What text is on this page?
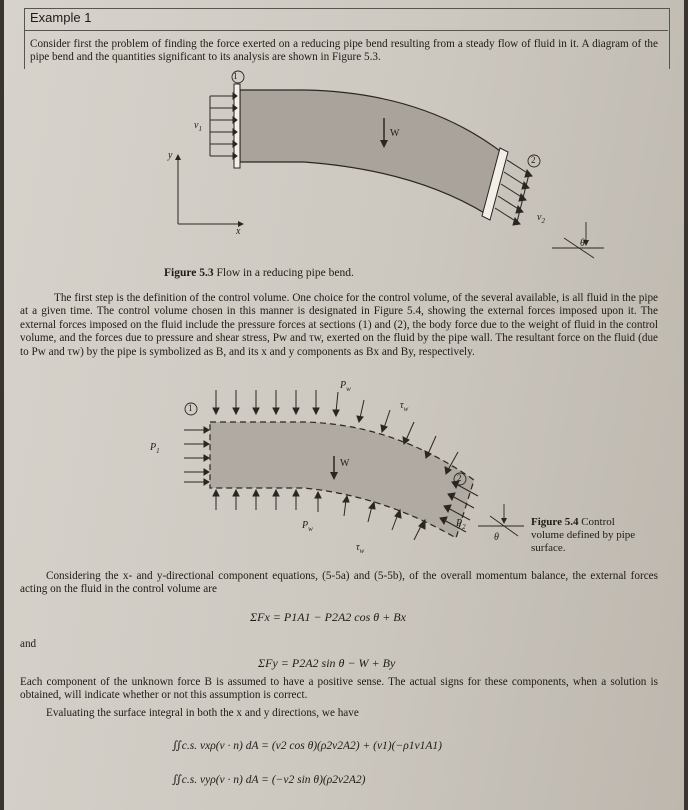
Example 1
Consider first the problem of finding the force exerted on a reducing pipe bend resulting from a steady flow of fluid in it. A diagram of the pipe bend and the quantities significant to its analysis are shown in Figure 5.3.
1
2
$v_1$
$v_2$
W
y
x
θ
Figure 5.3 Flow in a reducing pipe bend.
The first step is the definition of the control volume. One choice for the control volume, of the several available, is all fluid in the pipe at a given time. The control volume chosen in this manner is designated in Figure 5.4, showing the external forces imposed upon it. The external forces imposed on the fluid include the pressure forces at sections (1) and (2), the body force due to the weight of fluid in the control volume, and the forces due to pressure and shear stress, Pw and τw, exerted on the fluid by the pipe wall. The resultant force on the fluid (due to Pw and τw) by the pipe is symbolized as B, and its x and y components as Bx and By, respectively.
1
2
$P_1$
$P_2$
$P_w$
$P_w$
$\tau_w$
$\tau_w$
W
θ
Figure 5.4 Control volume defined by pipe surface.
Considering the x- and y-directional component equations, (5-5a) and (5-5b), of the overall momentum balance, the external forces acting on the fluid in the control volume are
ΣFx = P1A1 − P2A2 cos θ + Bx
and
ΣFy = P2A2 sin θ − W + By
Each component of the unknown force B is assumed to have a positive sense. The actual signs for these components, when a solution is obtained, will indicate whether or not this assumption is correct.
Evaluating the surface integral in both the x and y directions, we have
∬c.s. vxρ(v · n) dA = (v2 cos θ)(ρ2v2A2) + (v1)(−ρ1v1A1)
∬c.s. vyρ(v · n) dA = (−v2 sin θ)(ρ2v2A2)
